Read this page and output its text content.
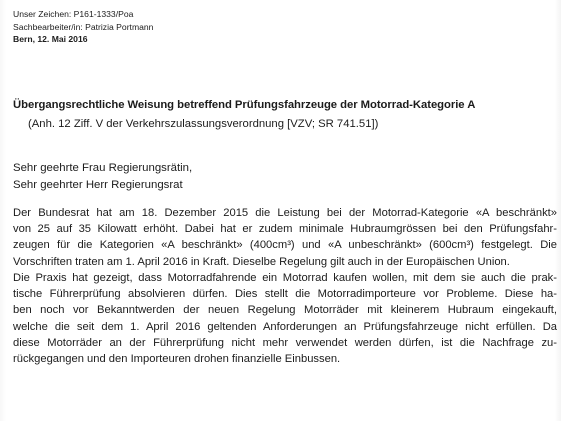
Unser Zeichen: P161-1333/Poa
Sachbearbeiter/in: Patrizia Portmann
Bern, 12. Mai 2016
Übergangsrechtliche Weisung betreffend Prüfungsfahrzeuge der Motorrad-Kategorie A
(Anh. 12 Ziff. V der Verkehrszulassungsverordnung [VZV; SR 741.51])
Sehr geehrte Frau Regierungsrätin,
Sehr geehrter Herr Regierungsrat
Der Bundesrat hat am 18. Dezember 2015 die Leistung bei der Motorrad-Kategorie «A beschränkt»
von 25 auf 35 Kilowatt erhöht. Dabei hat er zudem minimale Hubraumgrössen bei den Prüfungsfahr-
zeugen für die Kategorien «A beschränkt» (400cm³) und «A unbeschränkt» (600cm³) festgelegt. Die
Vorschriften traten am 1. April 2016 in Kraft. Dieselbe Regelung gilt auch in der Europäischen Union.
Die Praxis hat gezeigt, dass Motorradfahrende ein Motorrad kaufen wollen, mit dem sie auch die prak-
tische Führerprüfung absolvieren dürfen. Dies stellt die Motorradimporteure vor Probleme. Diese ha-
ben noch vor Bekanntwerden der neuen Regelung Motorräder mit kleinerem Hubraum eingekauft,
welche die seit dem 1. April 2016 geltenden Anforderungen an Prüfungsfahrzeuge nicht erfüllen. Da
diese Motorräder an der Führerprüfung nicht mehr verwendet werden dürfen, ist die Nachfrage zu-
rückgegangen und den Importeuren drohen finanzielle Einbussen.
